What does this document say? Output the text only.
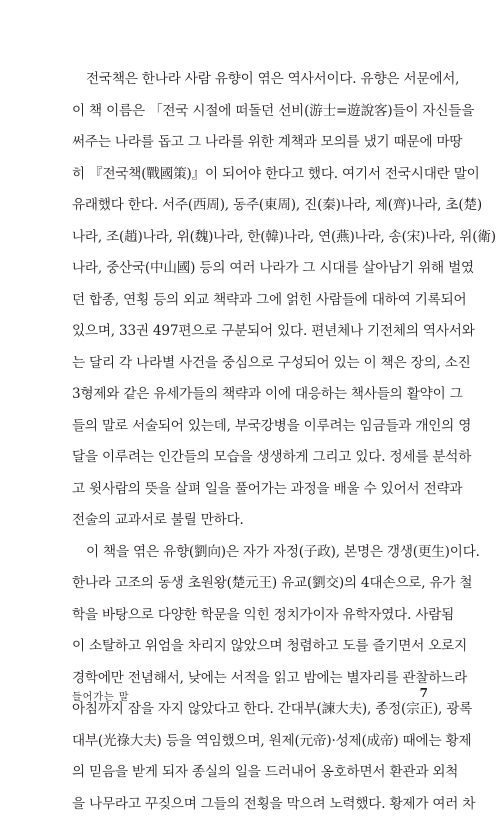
전국책은 한나라 사람 유향이 엮은 역사서이다. 유향은 서문에서,
이 책 이름은 「전국 시절에 떠돌던 선비(游士=遊說客)들이 자신들을
써주는 나라를 돕고 그 나라를 위한 계책과 모의를 냈기 때문에 마땅
히 『전국책(戰國策)』이 되어야 한다고 했다. 여기서 전국시대란 말이
유래했다 한다. 서주(西周), 동주(東周), 진(秦)나라, 제(齊)나라, 초(楚)
나라, 조(趙)나라, 위(魏)나라, 한(韓)나라, 연(燕)나라, 송(宋)나라, 위(衛)
나라, 중산국(中山國) 등의 여러 나라가 그 시대를 살아남기 위해 벌였
던 합종, 연횡 등의 외교 책략과 그에 얽힌 사람들에 대하여 기록되어
있으며, 33권 497편으로 구분되어 있다. 편년체나 기전체의 역사서와
는 달리 각 나라별 사건을 중심으로 구성되어 있는 이 책은 장의, 소진
3형제와 같은 유세가들의 책략과 이에 대응하는 책사들의 활약이 그
들의 말로 서술되어 있는데, 부국강병을 이루려는 임금들과 개인의 영
달을 이루려는 인간들의 모습을 생생하게 그리고 있다. 정세를 분석하
고 윗사람의 뜻을 살펴 일을 풀어가는 과정을 배울 수 있어서 전략과
전술의 교과서로 불릴 만하다.
이 책을 엮은 유향(劉向)은 자가 자정(子政), 본명은 갱생(更生)이다.
한나라 고조의 동생 초원왕(楚元王) 유교(劉交)의 4대손으로, 유가 철
학을 바탕으로 다양한 학문을 익힌 정치가이자 유학자였다. 사람됨
이 소탈하고 위엄을 차리지 않았으며 청렴하고 도를 즐기면서 오로지
경학에만 전념해서, 낮에는 서적을 읽고 밤에는 별자리를 관찰하느라
아침까지 잠을 자지 않았다고 한다. 간대부(諫大夫), 종정(宗正), 광록
대부(光祿大夫) 등을 역임했으며, 원제(元帝)·성제(成帝) 때에는 황제
의 믿음을 받게 되자 종실의 일을 드러내어 옹호하면서 환관과 외척
을 나무라고 꾸짖으며 그들의 전횡을 막으려 노력했다. 황제가 여러 차
들어가는 말	7
